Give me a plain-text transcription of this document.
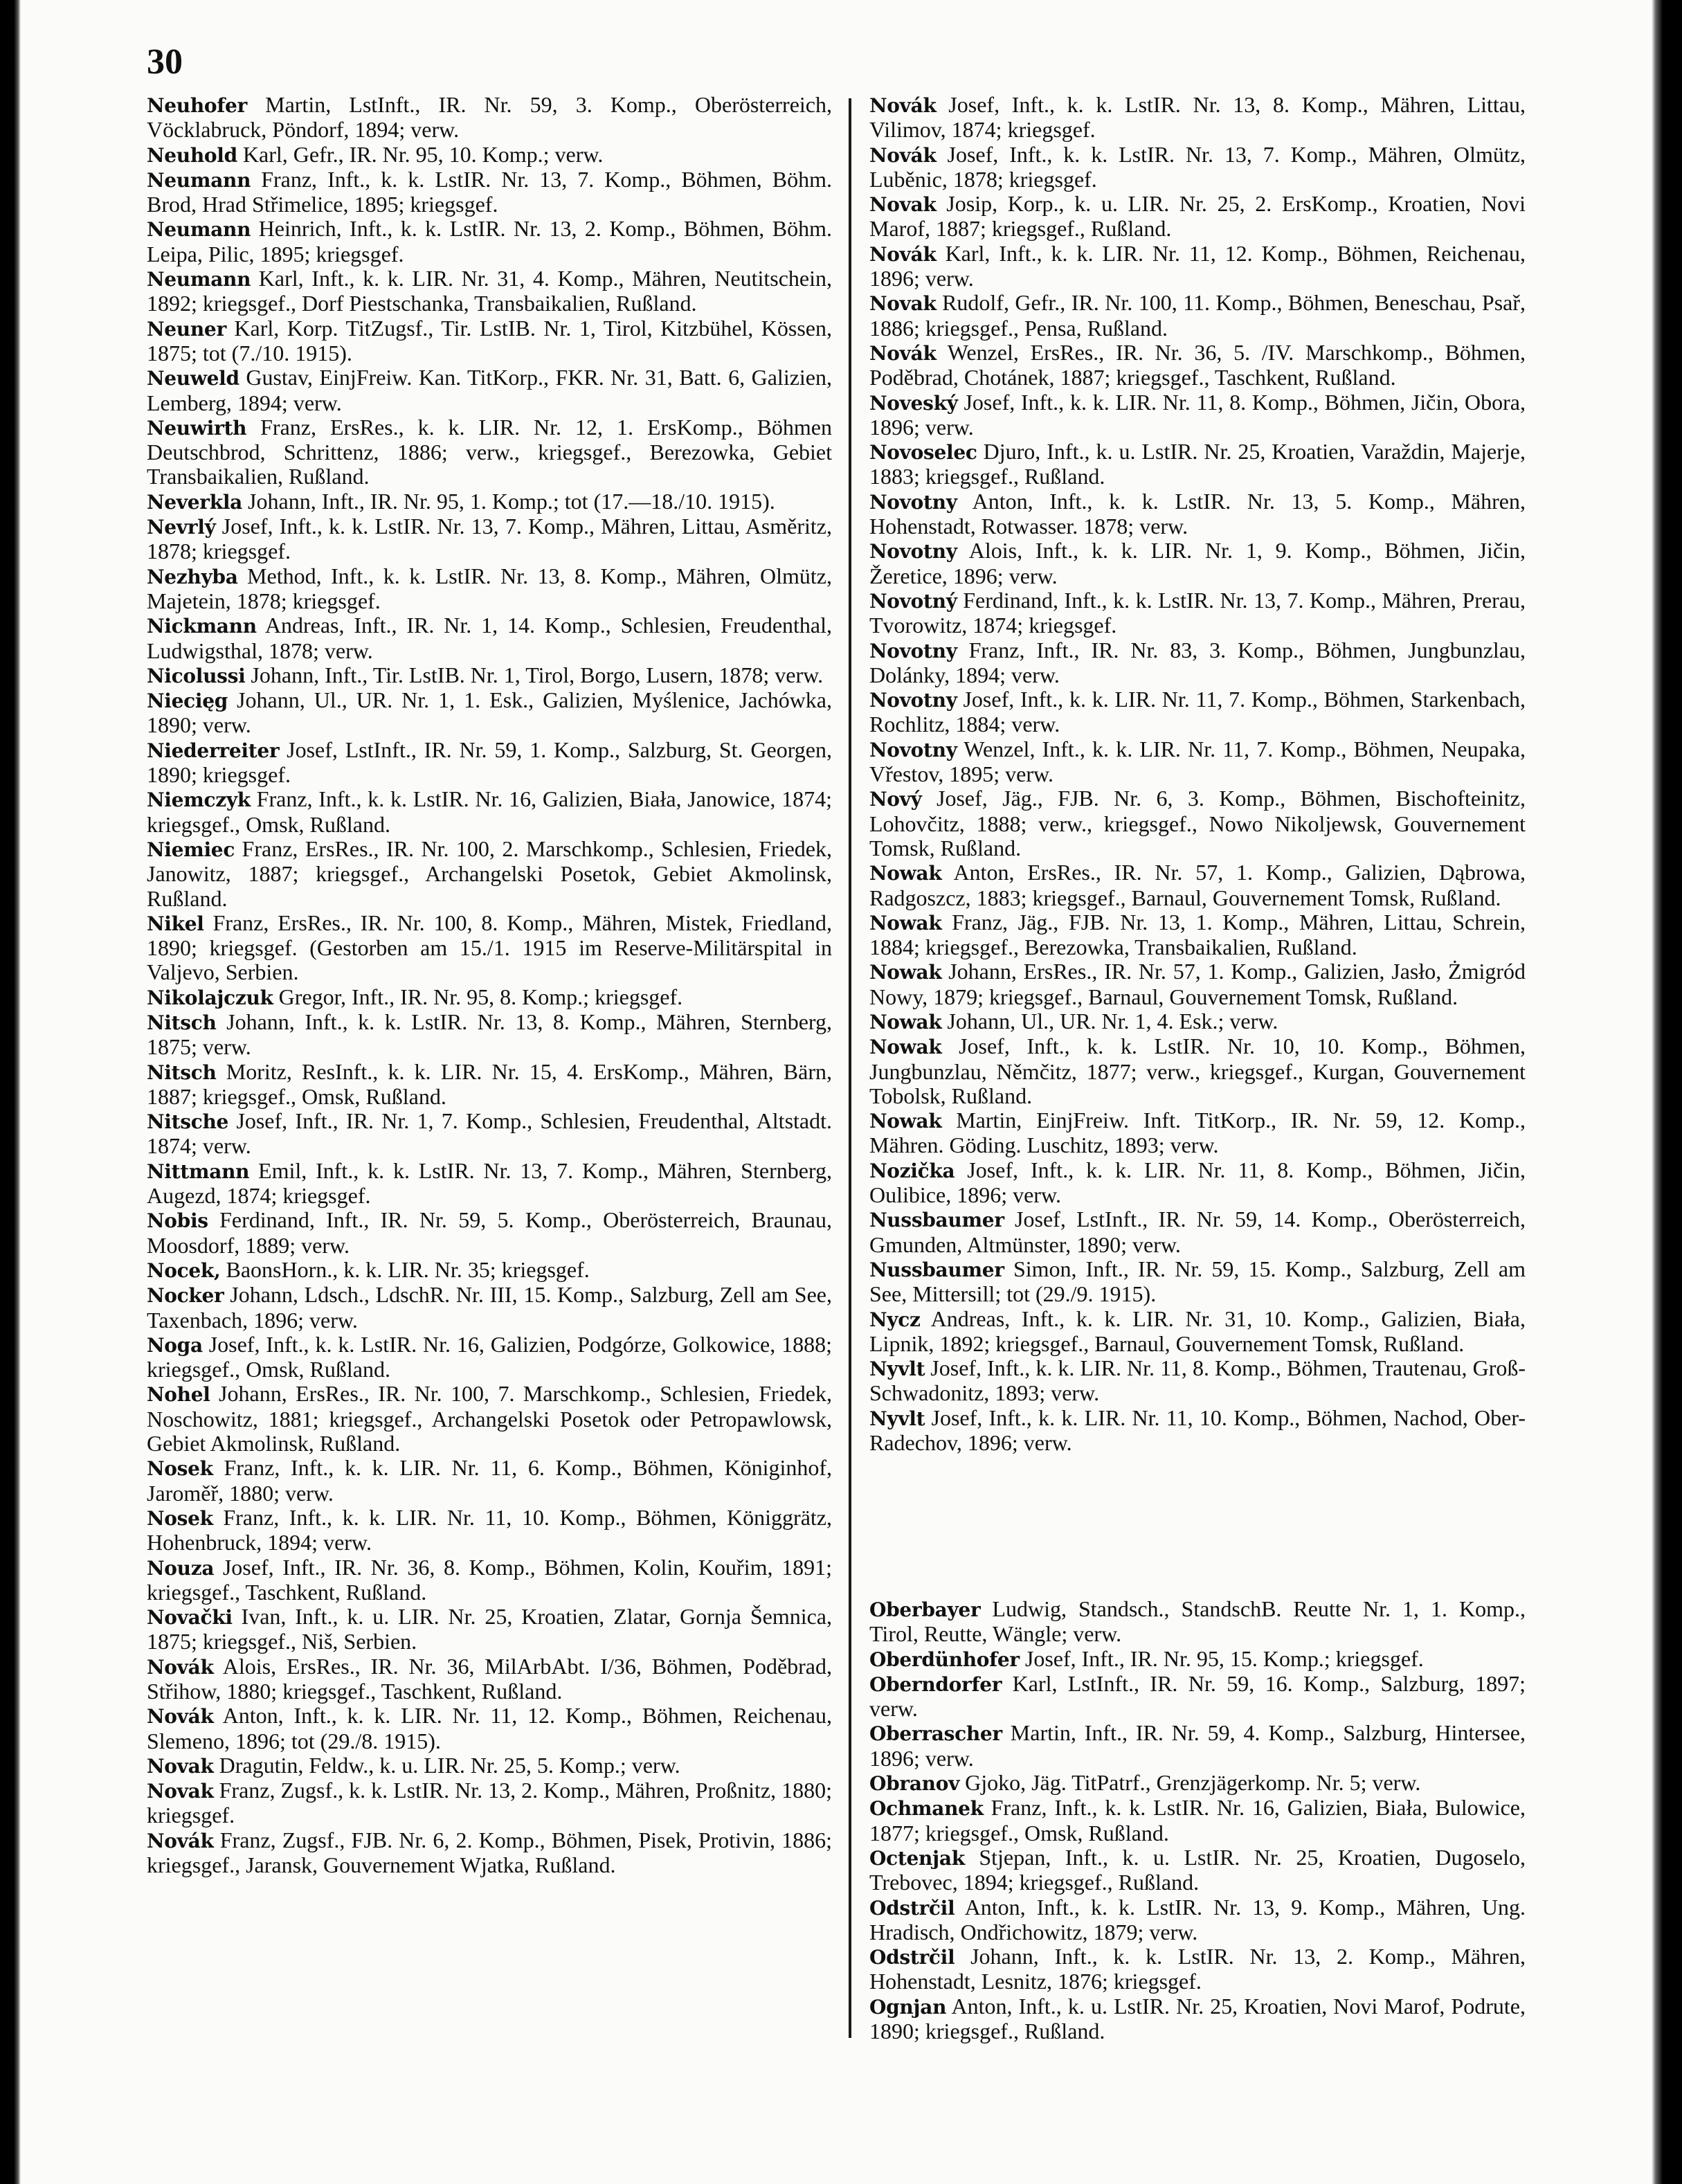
30

Neuhofer Martin, LstInft., IR. Nr. 59, 3. Komp., Oberösterreich, Vöcklabruck, Pöndorf, 1894; verw.

Neuhold Karl, Gefr., IR. Nr. 95, 10. Komp.; verw.

Neumann Franz, Inft., k. k. LstIR. Nr. 13, 7. Komp., Böhmen, Böhm. Brod, Hrad Střimelice, 1895; kriegsgef.

Neumann Heinrich, Inft., k. k. LstIR. Nr. 13, 2. Komp., Böhmen, Böhm. Leipa, Pilic, 1895; kriegsgef.

Neumann Karl, Inft., k. k. LIR. Nr. 31, 4. Komp., Mähren, Neutitschein, 1892; kriegsgef., Dorf Piestschanka, Transbaikalien, Rußland.

Neuner Karl, Korp. TitZugsf., Tir. LstIB. Nr. 1, Tirol, Kitzbühel, Kössen, 1875; tot (7./10. 1915).

Neuweld Gustav, EinjFreiw. Kan. TitKorp., FKR. Nr. 31, Batt. 6, Galizien, Lemberg, 1894; verw.

Neuwirth Franz, ErsRes., k. k. LIR. Nr. 12, 1. ErsKomp., Böhmen Deutschbrod, Schrittenz, 1886; verw., kriegsgef., Berezowka, Gebiet Transbaikalien, Rußland.

Neverkla Johann, Inft., IR. Nr. 95, 1. Komp.; tot (17.—18./10. 1915).

Nevrlý Josef, Inft., k. k. LstIR. Nr. 13, 7. Komp., Mähren, Littau, Asměritz, 1878; kriegsgef.

Nezhyba Method, Inft., k. k. LstIR. Nr. 13, 8. Komp., Mähren, Olmütz, Majetein, 1878; kriegsgef.

Nickmann Andreas, Inft., IR. Nr. 1, 14. Komp., Schlesien, Freudenthal, Ludwigsthal, 1878; verw.

Nicolussi Johann, Inft., Tir. LstIB. Nr. 1, Tirol, Borgo, Lusern, 1878; verw.

Niecięg Johann, Ul., UR. Nr. 1, 1. Esk., Galizien, Myślenice, Jachówka, 1890; verw.

Niederreiter Josef, LstInft., IR. Nr. 59, 1. Komp., Salzburg, St. Georgen, 1890; kriegsgef.

Niemczyk Franz, Inft., k. k. LstIR. Nr. 16, Galizien, Biała, Janowice, 1874; kriegsgef., Omsk, Rußland.

Niemiec Franz, ErsRes., IR. Nr. 100, 2. Marschkomp., Schlesien, Friedek, Janowitz, 1887; kriegsgef., Archangelski Posetok, Gebiet Akmolinsk, Rußland.

Nikel Franz, ErsRes., IR. Nr. 100, 8. Komp., Mähren, Mistek, Friedland, 1890; kriegsgef. (Gestorben am 15./1. 1915 im Reserve-Militärspital in Valjevo, Serbien.

Nikolajczuk Gregor, Inft., IR. Nr. 95, 8. Komp.; kriegsgef.

Nitsch Johann, Inft., k. k. LstIR. Nr. 13, 8. Komp., Mähren, Sternberg, 1875; verw.

Nitsch Moritz, ResInft., k. k. LIR. Nr. 15, 4. ErsKomp., Mähren, Bärn, 1887; kriegsgef., Omsk, Rußland.

Nitsche Josef, Inft., IR. Nr. 1, 7. Komp., Schlesien, Freudenthal, Altstadt. 1874; verw.

Nittmann Emil, Inft., k. k. LstIR. Nr. 13, 7. Komp., Mähren, Sternberg, Augezd, 1874; kriegsgef.

Nobis Ferdinand, Inft., IR. Nr. 59, 5. Komp., Oberösterreich, Braunau, Moosdorf, 1889; verw.

Nocek, BaonsHorn., k. k. LIR. Nr. 35; kriegsgef.

Nocker Johann, Ldsch., LdschR. Nr. III, 15. Komp., Salzburg, Zell am See, Taxenbach, 1896; verw.

Noga Josef, Inft., k. k. LstIR. Nr. 16, Galizien, Podgórze, Golkowice, 1888; kriegsgef., Omsk, Rußland.

Nohel Johann, ErsRes., IR. Nr. 100, 7. Marschkomp., Schlesien, Friedek, Noschowitz, 1881; kriegsgef., Archangelski Posetok oder Petropawlowsk, Gebiet Akmolinsk, Rußland.

Nosek Franz, Inft., k. k. LIR. Nr. 11, 6. Komp., Böhmen, Königinhof, Jaroměř, 1880; verw.

Nosek Franz, Inft., k. k. LIR. Nr. 11, 10. Komp., Böhmen, Königgrätz, Hohenbruck, 1894; verw.

Nouza Josef, Inft., IR. Nr. 36, 8. Komp., Böhmen, Kolin, Kouřim, 1891; kriegsgef., Taschkent, Rußland.

Novački Ivan, Inft., k. u. LIR. Nr. 25, Kroatien, Zlatar, Gornja Šemnica, 1875; kriegsgef., Niš, Serbien.

Novák Alois, ErsRes., IR. Nr. 36, MilArbAbt. I/36, Böhmen, Poděbrad, Střihow, 1880; kriegsgef., Taschkent, Rußland.

Novák Anton, Inft., k. k. LIR. Nr. 11, 12. Komp., Böhmen, Reichenau, Slemeno, 1896; tot (29./8. 1915).

Novak Dragutin, Feldw., k. u. LIR. Nr. 25, 5. Komp.; verw.

Novak Franz, Zugsf., k. k. LstIR. Nr. 13, 2. Komp., Mähren, Proßnitz, 1880; kriegsgef.

Novák Franz, Zugsf., FJB. Nr. 6, 2. Komp., Böhmen, Pisek, Protivin, 1886; kriegsgef., Jaransk, Gouvernement Wjatka, Rußland.

Novák Josef, Inft., k. k. LstIR. Nr. 13, 8. Komp., Mähren, Littau, Vilimov, 1874; kriegsgef.

Novák Josef, Inft., k. k. LstIR. Nr. 13, 7. Komp., Mähren, Olmütz, Luběnic, 1878; kriegsgef.

Novak Josip, Korp., k. u. LIR. Nr. 25, 2. ErsKomp., Kroatien, Novi Marof, 1887; kriegsgef., Rußland.

Novák Karl, Inft., k. k. LIR. Nr. 11, 12. Komp., Böhmen, Reichenau, 1896; verw.

Novak Rudolf, Gefr., IR. Nr. 100, 11. Komp., Böhmen, Beneschau, Psař, 1886; kriegsgef., Pensa, Rußland.

Novák Wenzel, ErsRes., IR. Nr. 36, 5. /IV. Marschkomp., Böhmen, Poděbrad, Chotánek, 1887; kriegsgef., Taschkent, Rußland.

Noveský Josef, Inft., k. k. LIR. Nr. 11, 8. Komp., Böhmen, Jičin, Obora, 1896; verw.

Novoselec Djuro, Inft., k. u. LstIR. Nr. 25, Kroatien, Varaždin, Majerje, 1883; kriegsgef., Rußland.

Novotny Anton, Inft., k. k. LstIR. Nr. 13, 5. Komp., Mähren, Hohenstadt, Rotwasser. 1878; verw.

Novotny Alois, Inft., k. k. LIR. Nr. 1, 9. Komp., Böhmen, Jičin, Žeretice, 1896; verw.

Novotný Ferdinand, Inft., k. k. LstIR. Nr. 13, 7. Komp., Mähren, Prerau, Tvorowitz, 1874; kriegsgef.

Novotny Franz, Inft., IR. Nr. 83, 3. Komp., Böhmen, Jungbunzlau, Dolánky, 1894; verw.

Novotny Josef, Inft., k. k. LIR. Nr. 11, 7. Komp., Böhmen, Starkenbach, Rochlitz, 1884; verw.

Novotny Wenzel, Inft., k. k. LIR. Nr. 11, 7. Komp., Böhmen, Neupaka, Vřestov, 1895; verw.

Nový Josef, Jäg., FJB. Nr. 6, 3. Komp., Böhmen, Bischofteinitz, Lohovčitz, 1888; verw., kriegsgef., Nowo Nikoljewsk, Gouvernement Tomsk, Rußland.

Nowak Anton, ErsRes., IR. Nr. 57, 1. Komp., Galizien, Dąbrowa, Radgoszcz, 1883; kriegsgef., Barnaul, Gouvernement Tomsk, Rußland.

Nowak Franz, Jäg., FJB. Nr. 13, 1. Komp., Mähren, Littau, Schrein, 1884; kriegsgef., Berezowka, Transbaikalien, Rußland.

Nowak Johann, ErsRes., IR. Nr. 57, 1. Komp., Galizien, Jasło, Żmigród Nowy, 1879; kriegsgef., Barnaul, Gouvernement Tomsk, Rußland.

Nowak Johann, Ul., UR. Nr. 1, 4. Esk.; verw.

Nowak Josef, Inft., k. k. LstIR. Nr. 10, 10. Komp., Böhmen, Jungbunzlau, Němčitz, 1877; verw., kriegsgef., Kurgan, Gouvernement Tobolsk, Rußland.

Nowak Martin, EinjFreiw. Inft. TitKorp., IR. Nr. 59, 12. Komp., Mähren. Göding. Luschitz, 1893; verw.

Nozička Josef, Inft., k. k. LIR. Nr. 11, 8. Komp., Böhmen, Jičin, Oulibice, 1896; verw.

Nussbaumer Josef, LstInft., IR. Nr. 59, 14. Komp., Oberösterreich, Gmunden, Altmünster, 1890; verw.

Nussbaumer Simon, Inft., IR. Nr. 59, 15. Komp., Salzburg, Zell am See, Mittersill; tot (29./9. 1915).

Nycz Andreas, Inft., k. k. LIR. Nr. 31, 10. Komp., Galizien, Biała, Lipnik, 1892; kriegsgef., Barnaul, Gouvernement Tomsk, Rußland.

Nyvlt Josef, Inft., k. k. LIR. Nr. 11, 8. Komp., Böhmen, Trautenau, Groß-Schwadonitz, 1893; verw.

Nyvlt Josef, Inft., k. k. LIR. Nr. 11, 10. Komp., Böhmen, Nachod, Ober-Radechov, 1896; verw.

Oberbayer Ludwig, Standsch., StandschB. Reutte Nr. 1, 1. Komp., Tirol, Reutte, Wängle; verw.

Oberdünhofer Josef, Inft., IR. Nr. 95, 15. Komp.; kriegsgef.

Oberndorfer Karl, LstInft., IR. Nr. 59, 16. Komp., Salzburg, 1897; verw.

Oberrascher Martin, Inft., IR. Nr. 59, 4. Komp., Salzburg, Hintersee, 1896; verw.

Obranov Gjoko, Jäg. TitPatrf., Grenzjägerkomp. Nr. 5; verw.

Ochmanek Franz, Inft., k. k. LstIR. Nr. 16, Galizien, Biała, Bulowice, 1877; kriegsgef., Omsk, Rußland.

Octenjak Stjepan, Inft., k. u. LstIR. Nr. 25, Kroatien, Dugoselo, Trebovec, 1894; kriegsgef., Rußland.

Odstrčil Anton, Inft., k. k. LstIR. Nr. 13, 9. Komp., Mähren, Ung. Hradisch, Ondřichowitz, 1879; verw.

Odstrčil Johann, Inft., k. k. LstIR. Nr. 13, 2. Komp., Mähren, Hohenstadt, Lesnitz, 1876; kriegsgef.

Ognjan Anton, Inft., k. u. LstIR. Nr. 25, Kroatien, Novi Marof, Podrute, 1890; kriegsgef., Rußland.
